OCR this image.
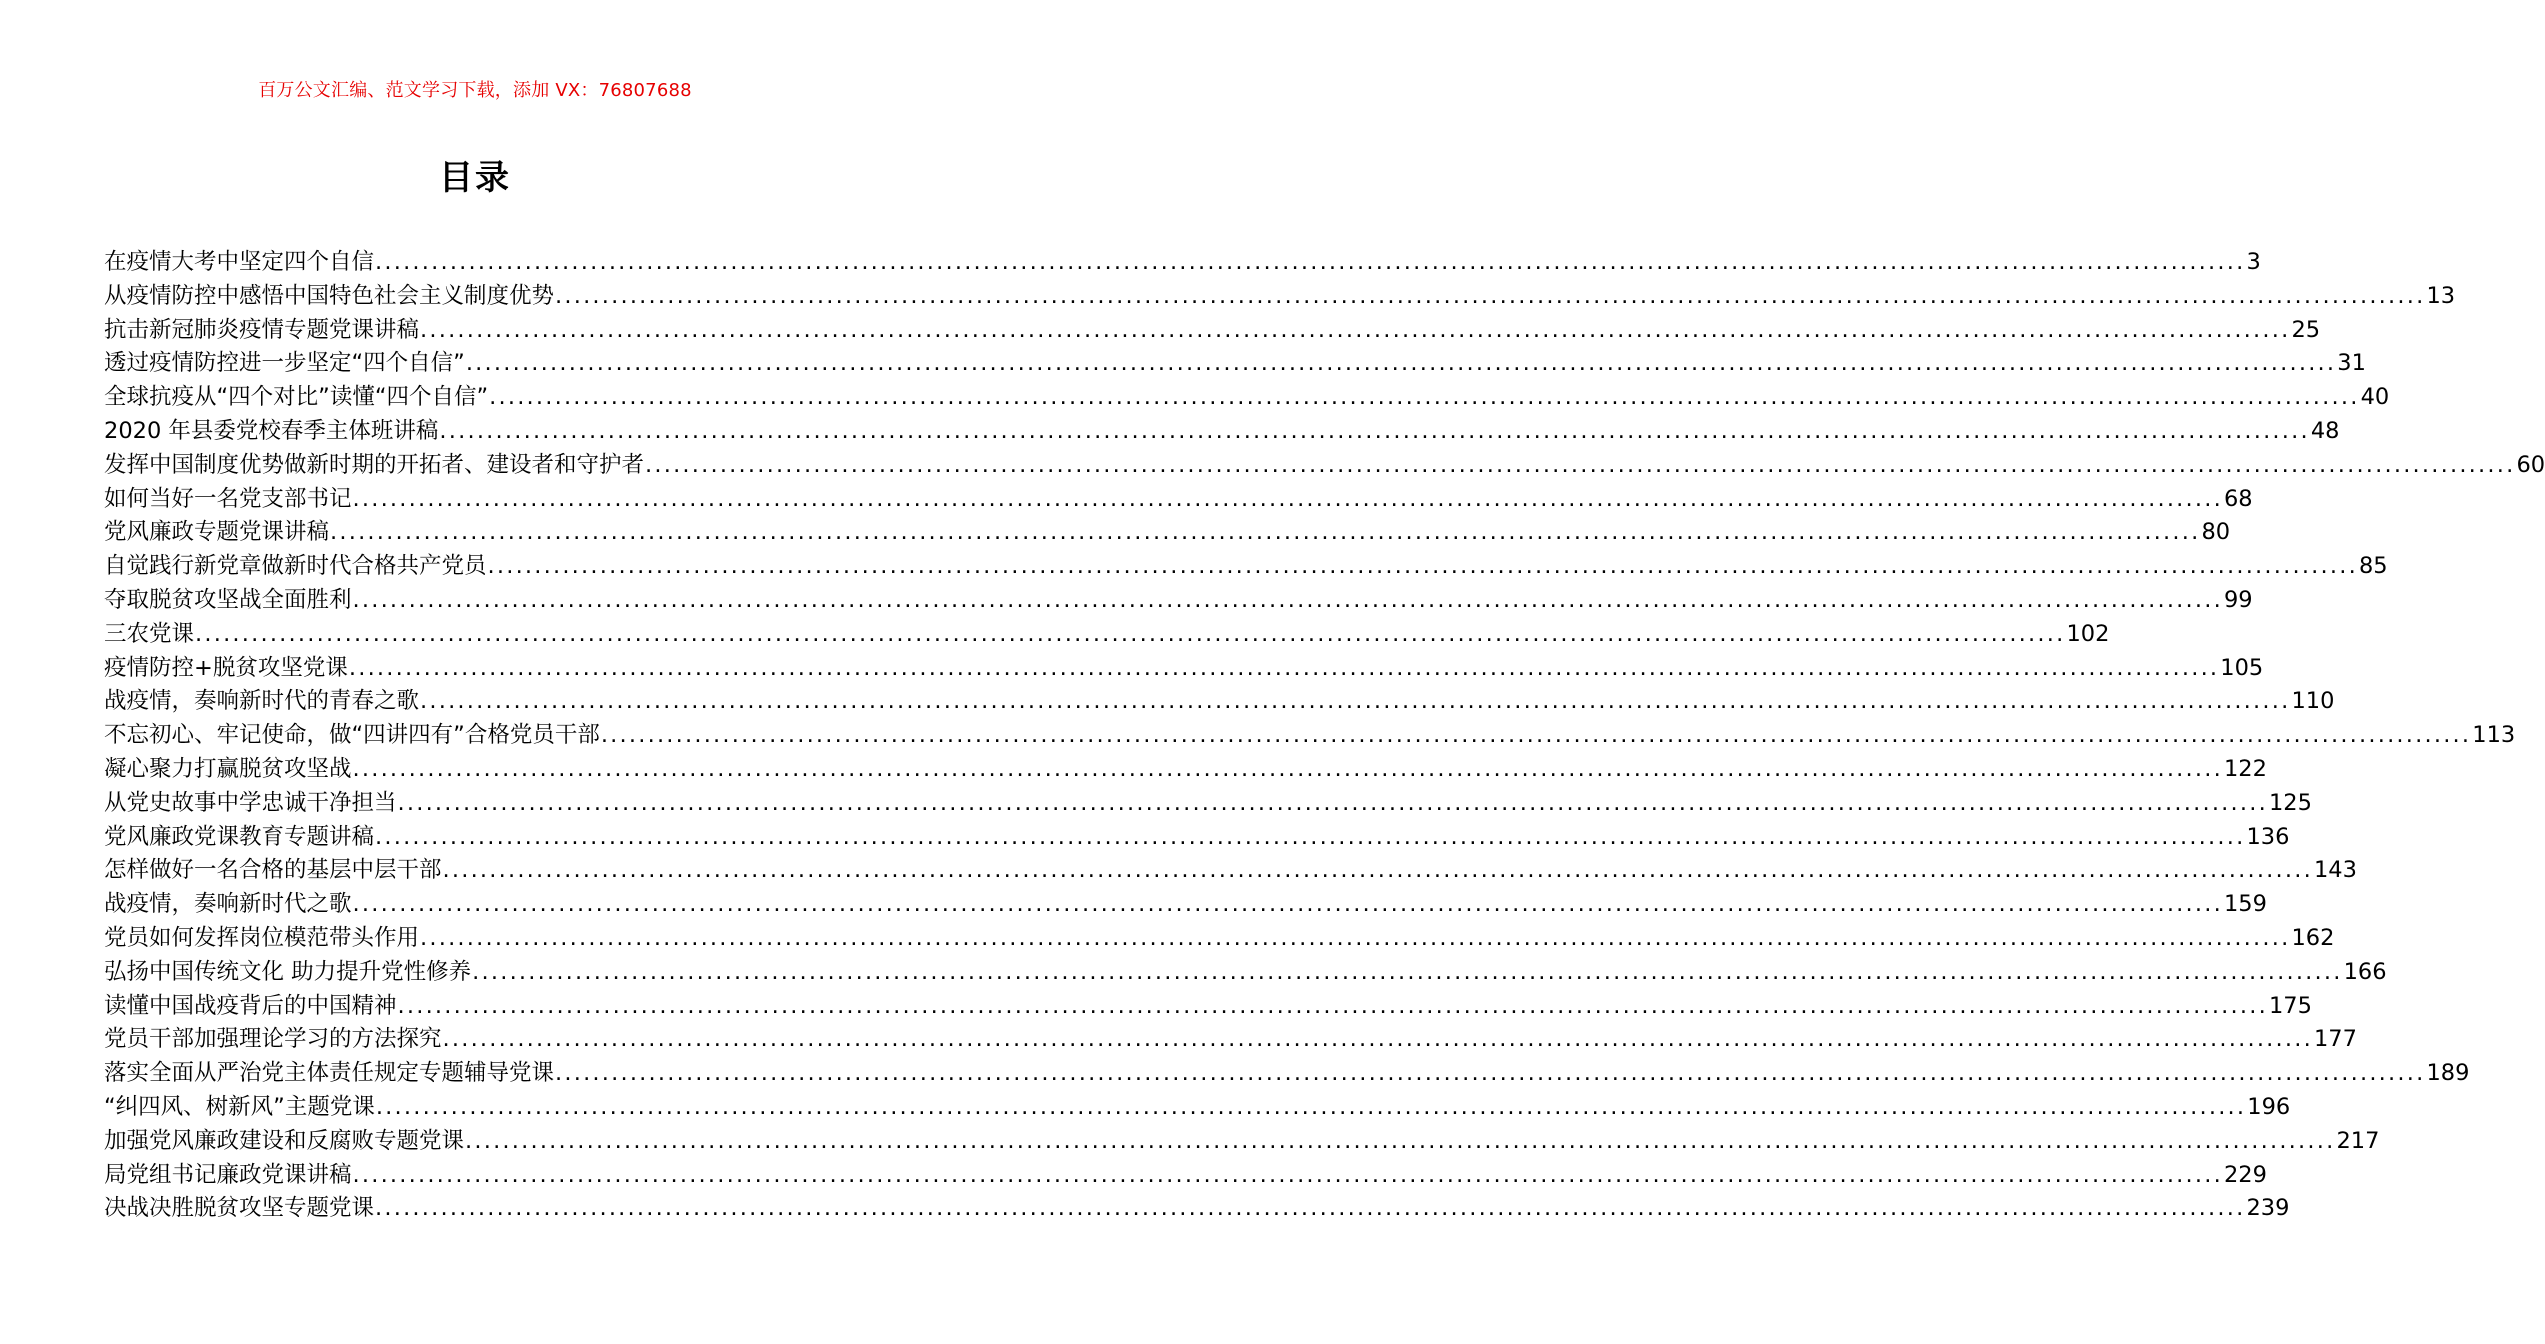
百万公文汇编、范文学习下载，添加 VX：76807688
目录
在疫情大考中坚定四个自信 ........................................................................................................................................................................................................ 3
从疫情防控中感悟中国特色社会主义制度优势 ........................................................................................................................................................................................................ 13
抗击新冠肺炎疫情专题党课讲稿 ........................................................................................................................................................................................................ 25
透过疫情防控进一步坚定“四个自信” ........................................................................................................................................................................................................ 31
全球抗疫从“四个对比”读懂“四个自信” ........................................................................................................................................................................................................ 40
2020 年县委党校春季主体班讲稿 ........................................................................................................................................................................................................ 48
发挥中国制度优势做新时期的开拓者、建设者和守护者 ........................................................................................................................................................................................................ 60
如何当好一名党支部书记 ........................................................................................................................................................................................................ 68
党风廉政专题党课讲稿 ........................................................................................................................................................................................................ 80
自觉践行新党章做新时代合格共产党员 ........................................................................................................................................................................................................ 85
夺取脱贫攻坚战全面胜利 ........................................................................................................................................................................................................ 99
三农党课 ........................................................................................................................................................................................................ 102
疫情防控+脱贫攻坚党课 ........................................................................................................................................................................................................ 105
战疫情，奏响新时代的青春之歌 ........................................................................................................................................................................................................ 110
不忘初心、牢记使命，做“四讲四有”合格党员干部 ........................................................................................................................................................................................................ 113
凝心聚力打赢脱贫攻坚战 ........................................................................................................................................................................................................ 122
从党史故事中学忠诚干净担当 ........................................................................................................................................................................................................ 125
党风廉政党课教育专题讲稿 ........................................................................................................................................................................................................ 136
怎样做好一名合格的基层中层干部 ........................................................................................................................................................................................................ 143
战疫情，奏响新时代之歌 ........................................................................................................................................................................................................ 159
党员如何发挥岗位模范带头作用 ........................................................................................................................................................................................................ 162
弘扬中国传统文化 助力提升党性修养 ........................................................................................................................................................................................................ 166
读懂中国战疫背后的中国精神 ........................................................................................................................................................................................................ 175
党员干部加强理论学习的方法探究 ........................................................................................................................................................................................................ 177
落实全面从严治党主体责任规定专题辅导党课 ........................................................................................................................................................................................................ 189
“纠四风、树新风”主题党课 ........................................................................................................................................................................................................ 196
加强党风廉政建设和反腐败专题党课 ........................................................................................................................................................................................................ 217
局党组书记廉政党课讲稿 ........................................................................................................................................................................................................ 229
决战决胜脱贫攻坚专题党课 ........................................................................................................................................................................................................ 239
